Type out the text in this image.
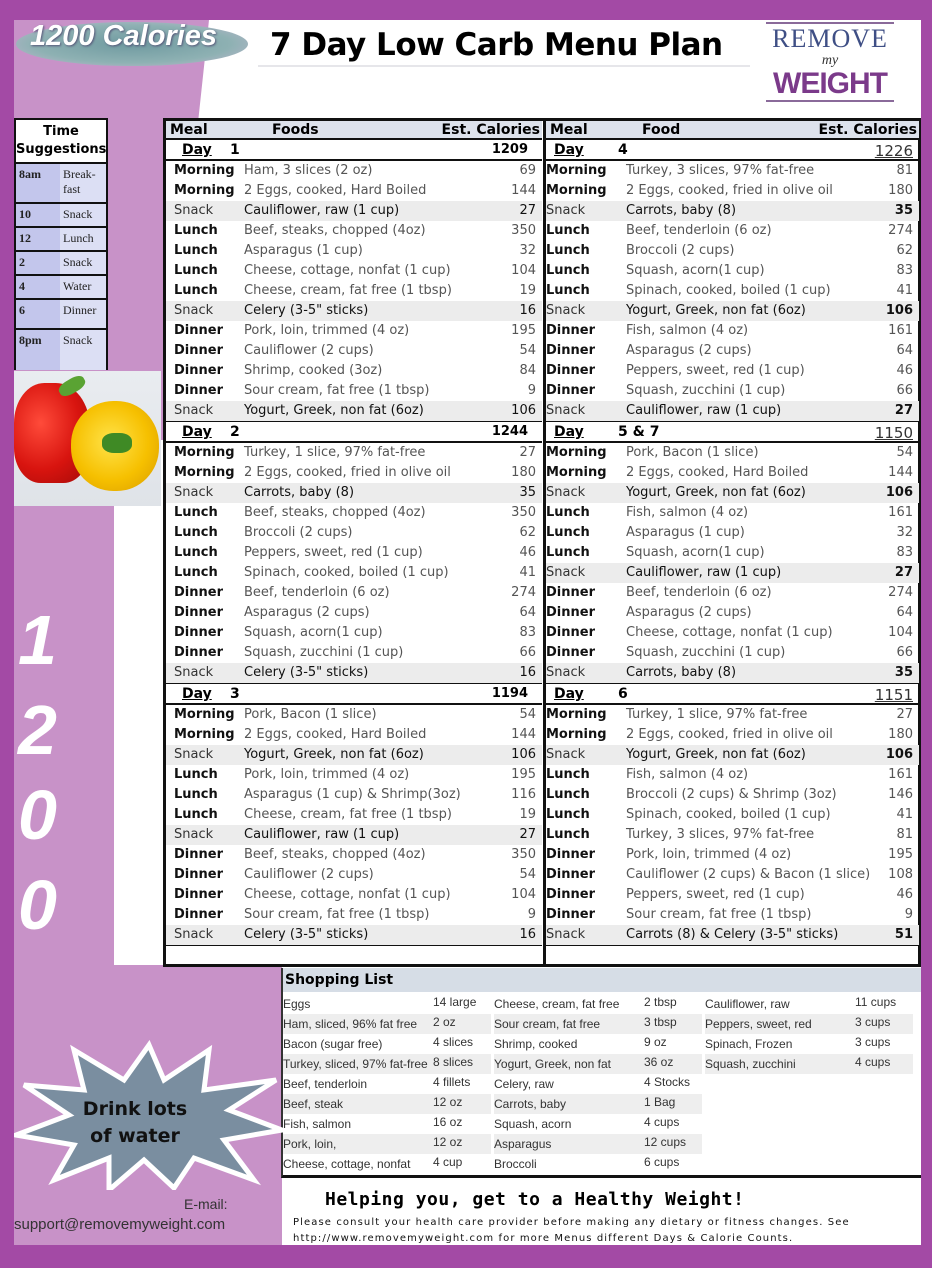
1200 Calories 7 Day Low Carb Menu Plan	REMOVE
my
WEIGHT
Time
Suggestions
8am	Break-fast
10	Snack
12	Lunch
2	Snack
4	Water
6	Dinner
8pm	Snack
1
2
0
0
Meal	Foods	Est. Calories
Day 1	1209
Morning Ham, 3 slices (2 oz)	69
Morning 2 Eggs, cooked, Hard Boiled	144
Snack Cauliflower, raw (1 cup)	27
Lunch Beef, steaks, chopped (4oz)	350
Lunch Asparagus (1 cup)	32
Lunch Cheese, cottage, nonfat (1 cup)	104
Lunch Cheese, cream, fat free (1 tbsp)	19
Snack Celery (3-5" sticks)	16
Dinner Pork, loin, trimmed (4 oz)	195
Dinner Cauliflower (2 cups)	54
Dinner Shrimp, cooked (3oz)	84
Dinner Sour cream, fat free (1 tbsp)	9
Snack Yogurt, Greek, non fat (6oz)	106
Day 2	1244
Morning Turkey, 1 slice, 97% fat-free	27
Morning 2 Eggs, cooked, fried in olive oil	180
Snack Carrots, baby (8)	35
Lunch Beef, steaks, chopped (4oz)	350
Lunch Broccoli (2 cups)	62
Lunch Peppers, sweet, red (1 cup)	46
Lunch Spinach, cooked, boiled (1 cup)	41
Dinner Beef, tenderloin (6 oz)	274
Dinner Asparagus (2 cups)	64
Dinner Squash, acorn(1 cup)	83
Dinner Squash, zucchini (1 cup)	66
Snack Celery (3-5" sticks)	16
Day 3	1194
Morning Pork, Bacon (1 slice)	54
Morning 2 Eggs, cooked, Hard Boiled	144
Snack Yogurt, Greek, non fat (6oz)	106
Lunch Pork, loin, trimmed (4 oz)	195
Lunch Asparagus (1 cup) & Shrimp(3oz)	116
Lunch Cheese, cream, fat free (1 tbsp)	19
Snack Cauliflower, raw (1 cup)	27
Dinner Beef, steaks, chopped (4oz)	350
Dinner Cauliflower (2 cups)	54
Dinner Cheese, cottage, nonfat (1 cup)	104
Dinner Sour cream, fat free (1 tbsp)	9
Snack Celery (3-5" sticks)	16
Meal	Food	Est. Calories
Day 4	1226
Morning Turkey, 3 slices, 97% fat-free	81
Morning 2 Eggs, cooked, fried in olive oil	180
Snack	Carrots, baby (8)	35
Lunch	Beef, tenderloin (6 oz)	274
Lunch	Broccoli (2 cups)	62
Lunch	Squash, acorn(1 cup)	83
Lunch	Spinach, cooked, boiled (1 cup)	41
Snack	Yogurt, Greek, non fat (6oz)	106
Dinner Fish, salmon (4 oz)	161
Dinner Asparagus (2 cups)	64
Dinner Peppers, sweet, red (1 cup)	46
Dinner Squash, zucchini (1 cup)	66
Snack	Cauliflower, raw (1 cup)	27
Day 5 & 7	1150
Morning Pork, Bacon (1 slice)	54
Morning 2 Eggs, cooked, Hard Boiled	144
Snack	Yogurt, Greek, non fat (6oz)	106
Lunch	Fish, salmon (4 oz)	161
Lunch	Asparagus (1 cup)	32
Lunch	Squash, acorn(1 cup)	83
Snack	Cauliflower, raw (1 cup)	27
Dinner Beef, tenderloin (6 oz)	274
Dinner Asparagus (2 cups)	64
Dinner Cheese, cottage, nonfat (1 cup)	104
Dinner Squash, zucchini (1 cup)	66
Snack	Carrots, baby (8)	35
Day 6	1151
Morning Turkey, 1 slice, 97% fat-free	27
Morning 2 Eggs, cooked, fried in olive oil	180
Snack	Yogurt, Greek, non fat (6oz)	106
Lunch	Fish, salmon (4 oz)	161
Lunch	Broccoli (2 cups) & Shrimp (3oz)	146
Lunch	Spinach, cooked, boiled (1 cup)	41
Lunch	Turkey, 3 slices, 97% fat-free	81
Dinner Pork, loin, trimmed (4 oz)	195
Dinner Cauliflower (2 cups) & Bacon (1 slice) 108
Dinner Peppers, sweet, red (1 cup)	46
Dinner Sour cream, fat free (1 tbsp)	9
Snack	Carrots (8) & Celery (3-5" sticks)	51
Shopping List
Eggs	14 large
Ham, sliced, 96% fat free	2 oz
Bacon (sugar free)	4 slices
Turkey, sliced, 97% fat-free 8 slices
Beef, tenderloin	4 fillets
Beef, steak	12 oz
Fish, salmon	16 oz
Pork, loin,	12 oz
Cheese, cottage, nonfat	4 cup
Cheese, cream, fat free	2 tbsp
Sour cream, fat free	3 tbsp
Shrimp, cooked	9 oz
Yogurt, Greek, non fat	36 oz
Celery, raw	4 Stocks
Carrots, baby	1 Bag
Squash, acorn	4 cups
Asparagus	12 cups
Broccoli	6 cups
Cauliflower, raw	11 cups
Peppers, sweet, red	3 cups
Spinach, Frozen	3 cups
Squash, zucchini	4 cups
Drink lots
of water
E-mail:
support@removemyweight.com
Helping you, get to a Healthy Weight!
Please consult your health care provider before making any dietary or fitness changes. See http://www.removemyweight.com for more Menus different Days & Calorie Counts.
